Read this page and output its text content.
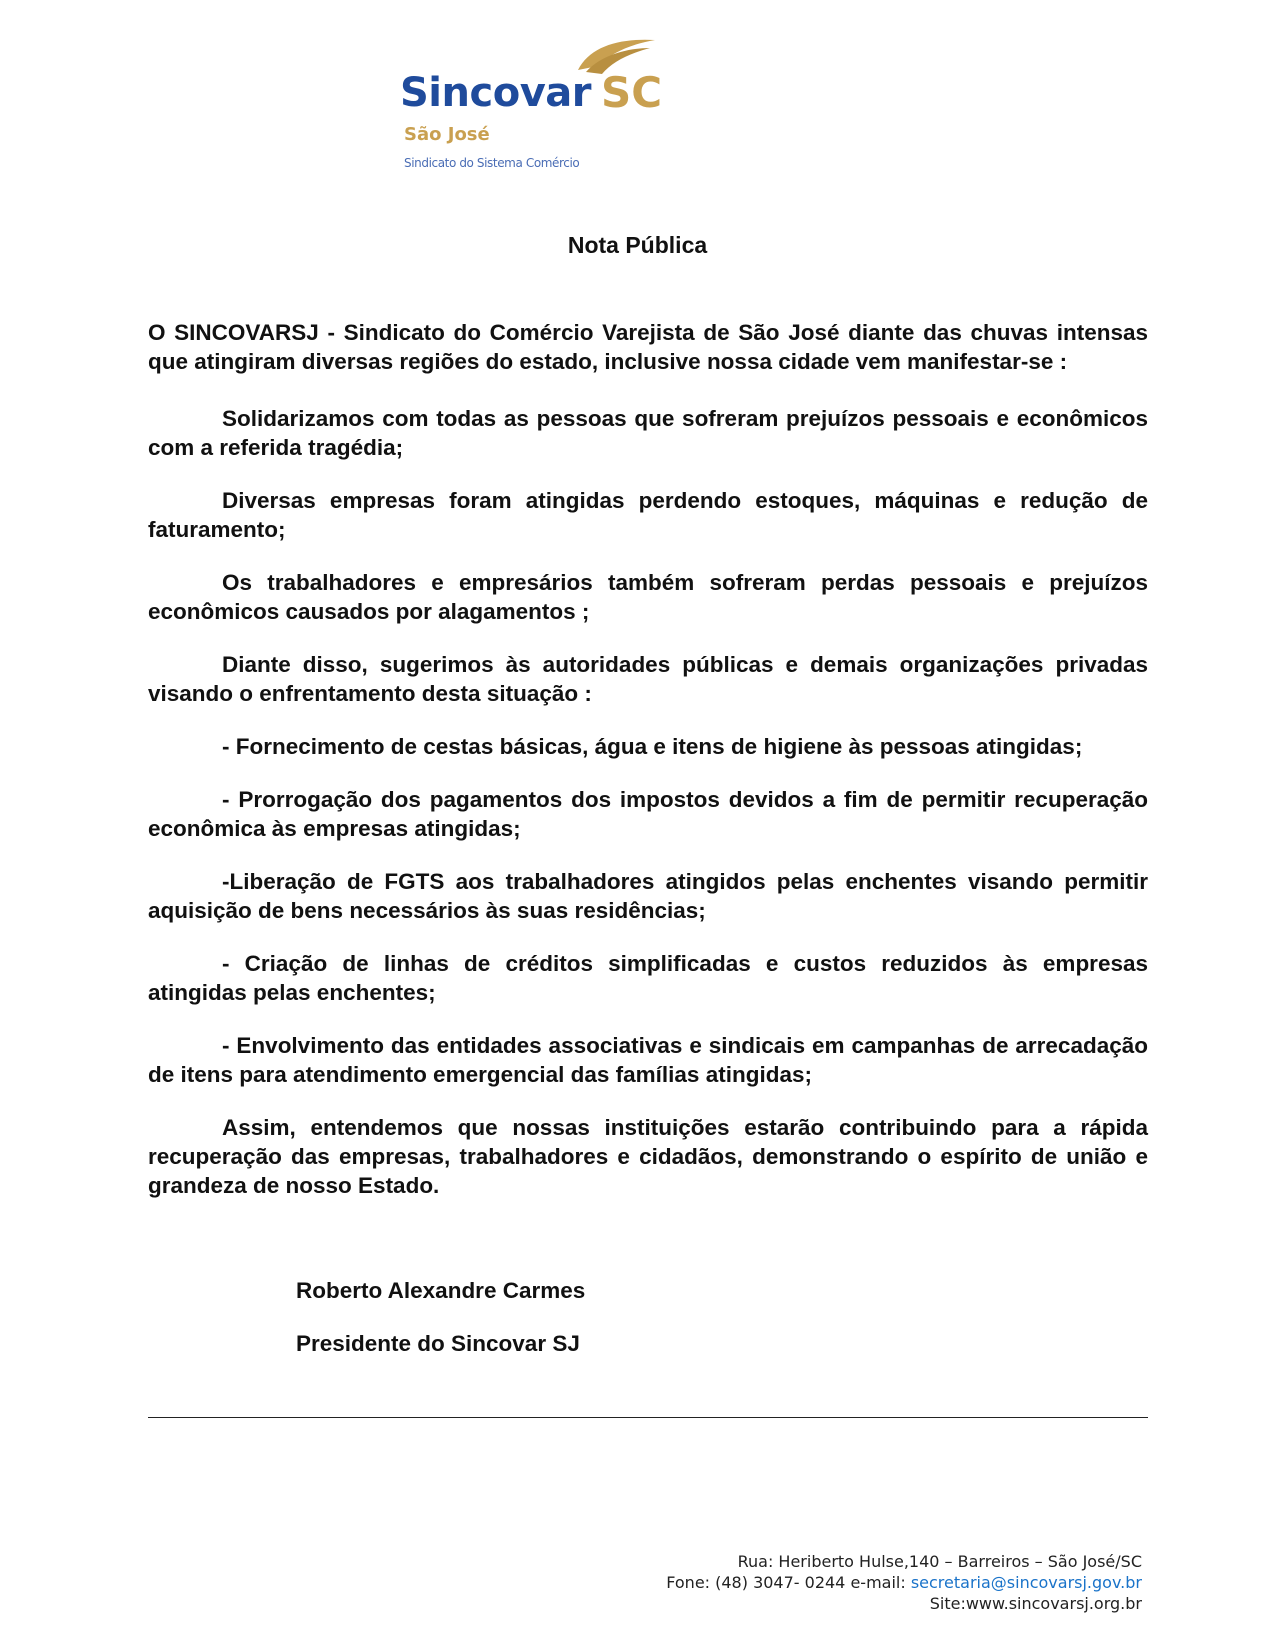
Sincovar SC
São José
Sindicato do Sistema Comércio
Nota Pública

O SINCOVARSJ - Sindicato do Comércio Varejista de São José diante das chuvas intensas que atingiram diversas regiões do estado, inclusive nossa cidade vem manifestar-se :

Solidarizamos com todas as pessoas que sofreram prejuízos pessoais e econômicos com a referida tragédia;

Diversas empresas foram atingidas perdendo estoques, máquinas e redução de faturamento;

Os trabalhadores e empresários também sofreram perdas pessoais e prejuízos econômicos causados por alagamentos ;

Diante disso, sugerimos às autoridades públicas e demais organizações privadas visando o enfrentamento desta situação :

- Fornecimento de cestas básicas, água e itens de higiene às pessoas atingidas;

- Prorrogação dos pagamentos dos impostos devidos a fim de permitir recuperação econômica às empresas atingidas;

-Liberação de FGTS aos trabalhadores atingidos pelas enchentes visando permitir aquisição de bens necessários às suas residências;

- Criação de linhas de créditos simplificadas e custos reduzidos às empresas atingidas pelas enchentes;

- Envolvimento das entidades associativas e sindicais em campanhas de arrecadação de itens para atendimento emergencial das famílias atingidas;

Assim, entendemos que nossas instituições estarão contribuindo para a rápida recuperação das empresas, trabalhadores e cidadãos, demonstrando o espírito de união e grandeza de nosso Estado.

Roberto Alexandre Carmes
Presidente do Sincovar SJ
Rua: Heriberto Hulse,140 – Barreiros – São José/SC
Fone: (48) 3047- 0244 e-mail: secretaria@sincovarsj.gov.br
Site:www.sincovarsj.org.br
